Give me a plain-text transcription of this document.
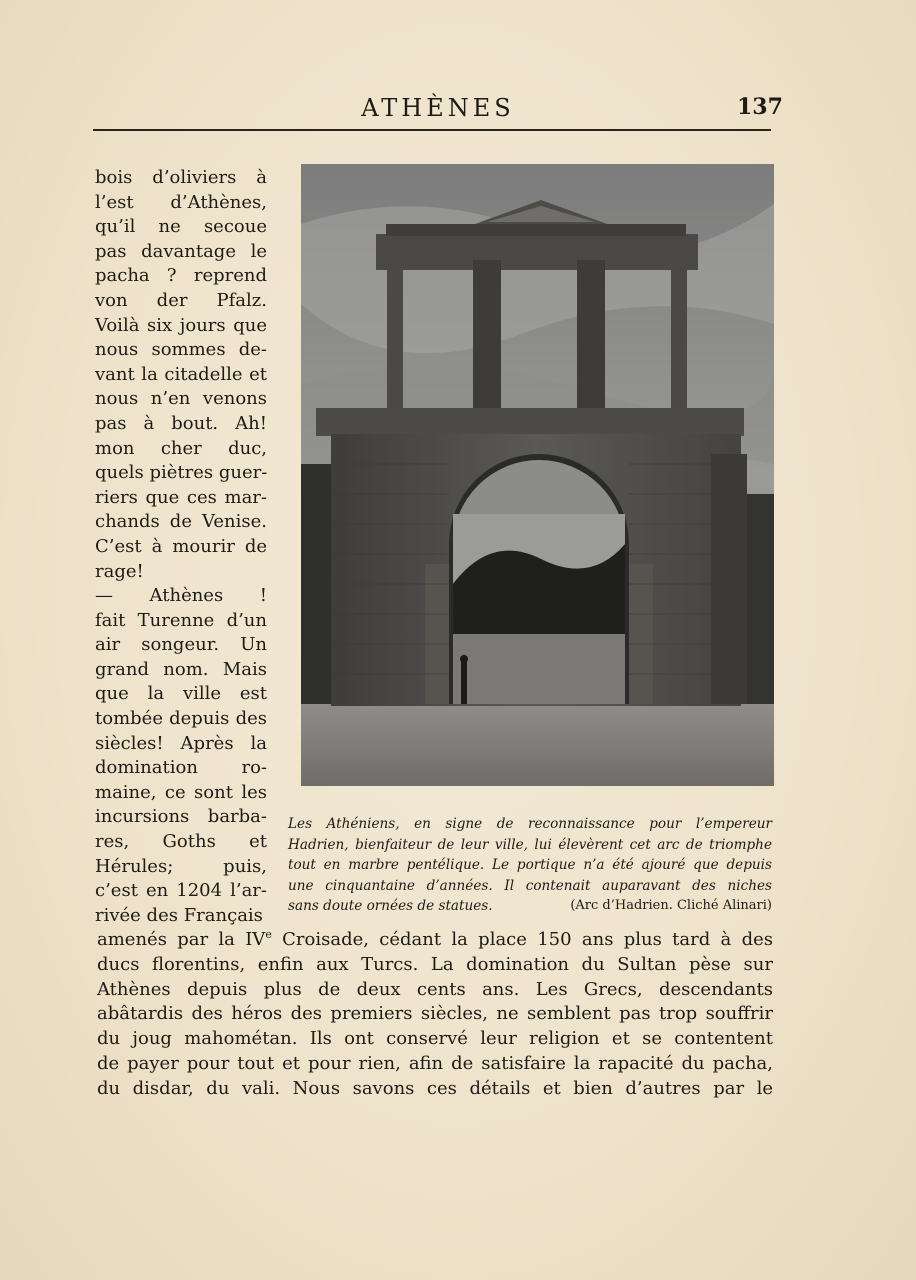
ATHÈNES	137
bois d’oliviers à
l’est d’Athènes,
qu’il ne secoue
pas davantage le
pacha ? reprend
von der Pfalz.
Voilà six jours que
nous sommes de-
vant la citadelle et
nous n’en venons
pas à bout. Ah!
mon cher duc,
quels piètres guer-
riers que ces mar-
chands de Venise.
C’est à mourir de
rage!
— Athènes !
fait Turenne d’un
air songeur. Un
grand nom. Mais
que la ville est
tombée depuis des
siècles! Après la
domination ro-
maine, ce sont les
incursions barba-
res, Goths et
Hérules; puis,
c’est en 1204 l’ar-
rivée des Français
Les Athéniens, en signe de reconnaissance pour l’empereur
Hadrien, bienfaiteur de leur ville, lui élevèrent cet arc de triomphe
tout en marbre pentélique. Le portique n’a été ajouré que depuis
une cinquantaine d’années. Il contenait auparavant des niches
sans doute ornées de statues.	(Arc d’Hadrien. Cliché Alinari)
amenés par la IVe Croisade, cédant la place 150 ans plus tard à des
ducs florentins, enfin aux Turcs. La domination du Sultan pèse sur
Athènes depuis plus de deux cents ans. Les Grecs, descendants
abâtardis des héros des premiers siècles, ne semblent pas trop souffrir
du joug mahométan. Ils ont conservé leur religion et se contentent
de payer pour tout et pour rien, afin de satisfaire la rapacité du pacha,
du disdar, du vali. Nous savons ces détails et bien d’autres par le
